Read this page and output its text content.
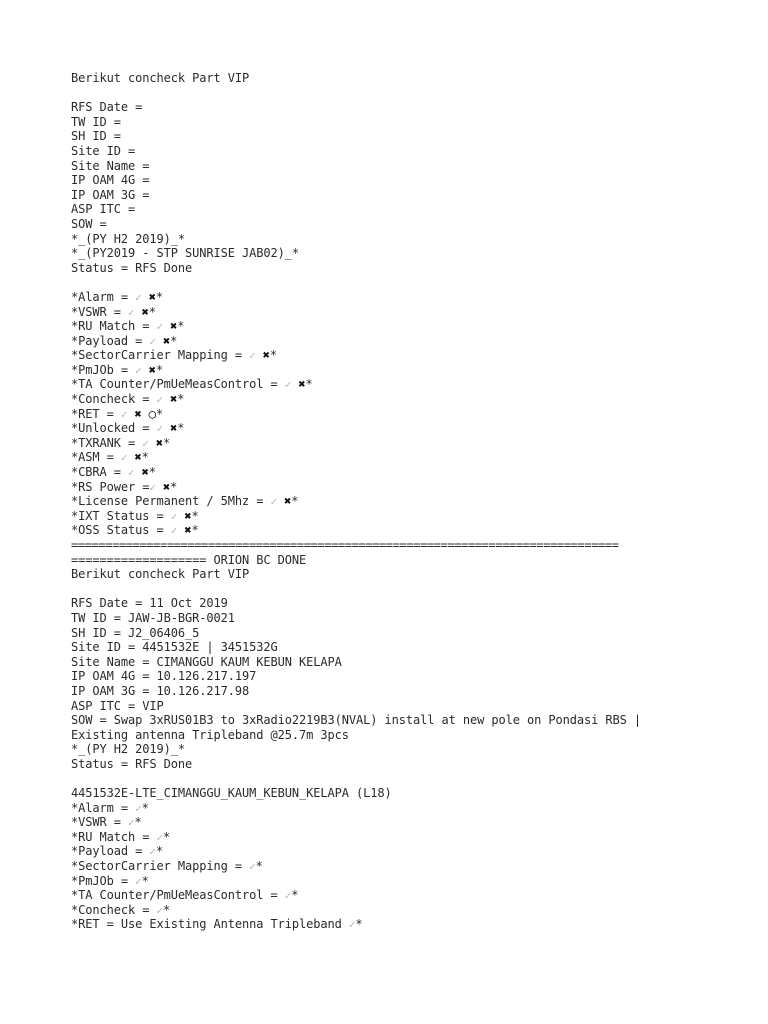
Berikut concheck Part VIP
RFS Date =
TW ID =
SH ID =
Site ID =
Site Name =
IP OAM 4G =
IP OAM 3G =
ASP ITC =
SOW =
*_(PY H2 2019)_*
*_(PY2019 - STP SUNRISE JAB02)_*
Status = RFS Done
*Alarm = ✓ ✖*
*VSWR = ✓ ✖*
*RU Match = ✓ ✖*
*Payload = ✓ ✖*
*SectorCarrier Mapping = ✓ ✖*
*PmJOb = ✓ ✖*
*TA Counter/PmUeMeasControl = ✓ ✖*
*Concheck = ✓ ✖*
*RET = ✓ ✖ ◯*
*Unlocked = ✓ ✖*
*TXRANK = ✓ ✖*
*ASM = ✓ ✖*
*CBRA = ✓ ✖*
*RS Power =✓ ✖*
*License Permanent / 5Mhz = ✓ ✖*
*IXT Status = ✓ ✖*
*OSS Status = ✓ ✖*
================================================================================
=================== ORION BC DONE
Berikut concheck Part VIP
RFS Date = 11 Oct 2019
TW ID = JAW-JB-BGR-0021
SH ID = J2_06406_5
Site ID = 4451532E | 3451532G
Site Name = CIMANGGU KAUM KEBUN KELAPA
IP OAM 4G = 10.126.217.197
IP OAM 3G = 10.126.217.98
ASP ITC = VIP
SOW = Swap 3xRUS01B3 to 3xRadio2219B3(NVAL) install at new pole on Pondasi RBS |
Existing antenna Tripleband @25.7m 3pcs
*_(PY H2 2019)_*
Status = RFS Done
4451532E-LTE_CIMANGGU_KAUM_KEBUN_KELAPA (L18)
*Alarm = ✓*
*VSWR = ✓*
*RU Match = ✓*
*Payload = ✓*
*SectorCarrier Mapping = ✓*
*PmJOb = ✓*
*TA Counter/PmUeMeasControl = ✓*
*Concheck = ✓*
*RET = Use Existing Antenna Tripleband ✓*
